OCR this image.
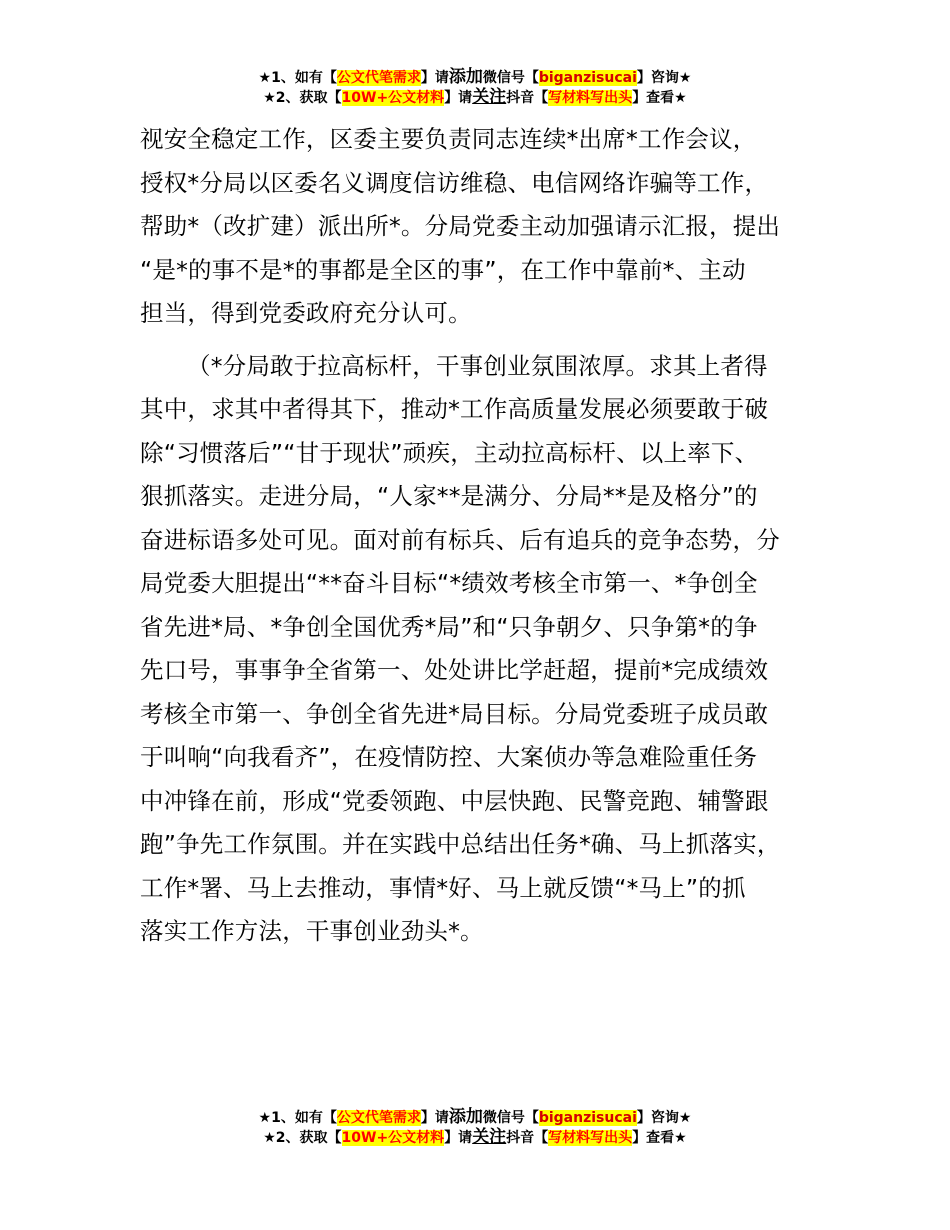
★1、如有【公文代笔需求】请添加微信号【biganzisucai】咨询★
★2、获取【10W+公文材料】请关注抖音【写材料写出头】查看★

视安全稳定工作，区委主要负责同志连续*出席*工作会议，
授权*分局以区委名义调度信访维稳、电信网络诈骗等工作，
帮助*（改扩建）派出所*。分局党委主动加强请示汇报，提出
“是*的事不是*的事都是全区的事”，在工作中靠前*、主动
担当，得到党委政府充分认可。

（*分局敢于拉高标杆，干事创业氛围浓厚。求其上者得
其中，求其中者得其下，推动*工作高质量发展必须要敢于破
除“习惯落后”“甘于现状”顽疾，主动拉高标杆、以上率下、
狠抓落实。走进分局，“人家**是满分、分局**是及格分”的
奋进标语多处可见。面对前有标兵、后有追兵的竞争态势，分
局党委大胆提出“**奋斗目标“*绩效考核全市第一、*争创全
省先进*局、*争创全国优秀*局”和“只争朝夕、只争第*的争
先口号，事事争全省第一、处处讲比学赶超，提前*完成绩效
考核全市第一、争创全省先进*局目标。分局党委班子成员敢
于叫响“向我看齐”，在疫情防控、大案侦办等急难险重任务
中冲锋在前，形成“党委领跑、中层快跑、民警竞跑、辅警跟
跑”争先工作氛围。并在实践中总结出任务*确、马上抓落实，
工作*署、马上去推动，事情*好、马上就反馈“*马上”的抓
落实工作方法，干事创业劲头*。

★1、如有【公文代笔需求】请添加微信号【biganzisucai】咨询★
★2、获取【10W+公文材料】请关注抖音【写材料写出头】查看★
